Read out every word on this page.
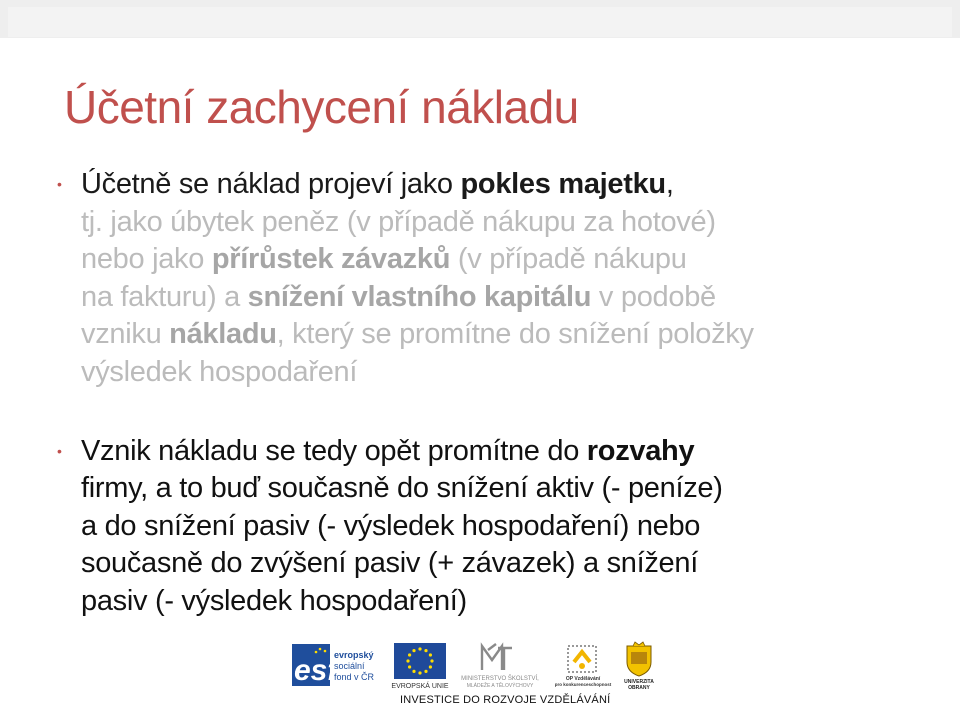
Účetní zachycení nákladu
• Účetně se náklad projeví jako pokles majetku,
tj. jako úbytek peněz (v případě nákupu za hotové)
nebo jako přírůstek závazků (v případě nákupu
na fakturu) a snížení vlastního kapitálu v podobě
vzniku nákladu, který se promítne do snížení položky
výsledek hospodaření
• Vznik nákladu se tedy opět promítne do rozvahy
firmy, a to buď současně do snížení aktiv (- peníze)
a do snížení pasiv (- výsledek hospodaření) nebo
současně do zvýšení pasiv (+ závazek) a snížení
pasiv (- výsledek hospodaření)
esf
evropský
sociální
fond v ČR
EVROPSKÁ UNIE
MINISTERSTVO ŠKOLSTVÍ,
MLÁDEŽE A TĚLOVÝCHOVY
OP Vzdělávání
pro konkurenceschopnost	UNIVERZITA
OBRANY
INVESTICE DO ROZVOJE VZDĚLÁVÁNÍ
